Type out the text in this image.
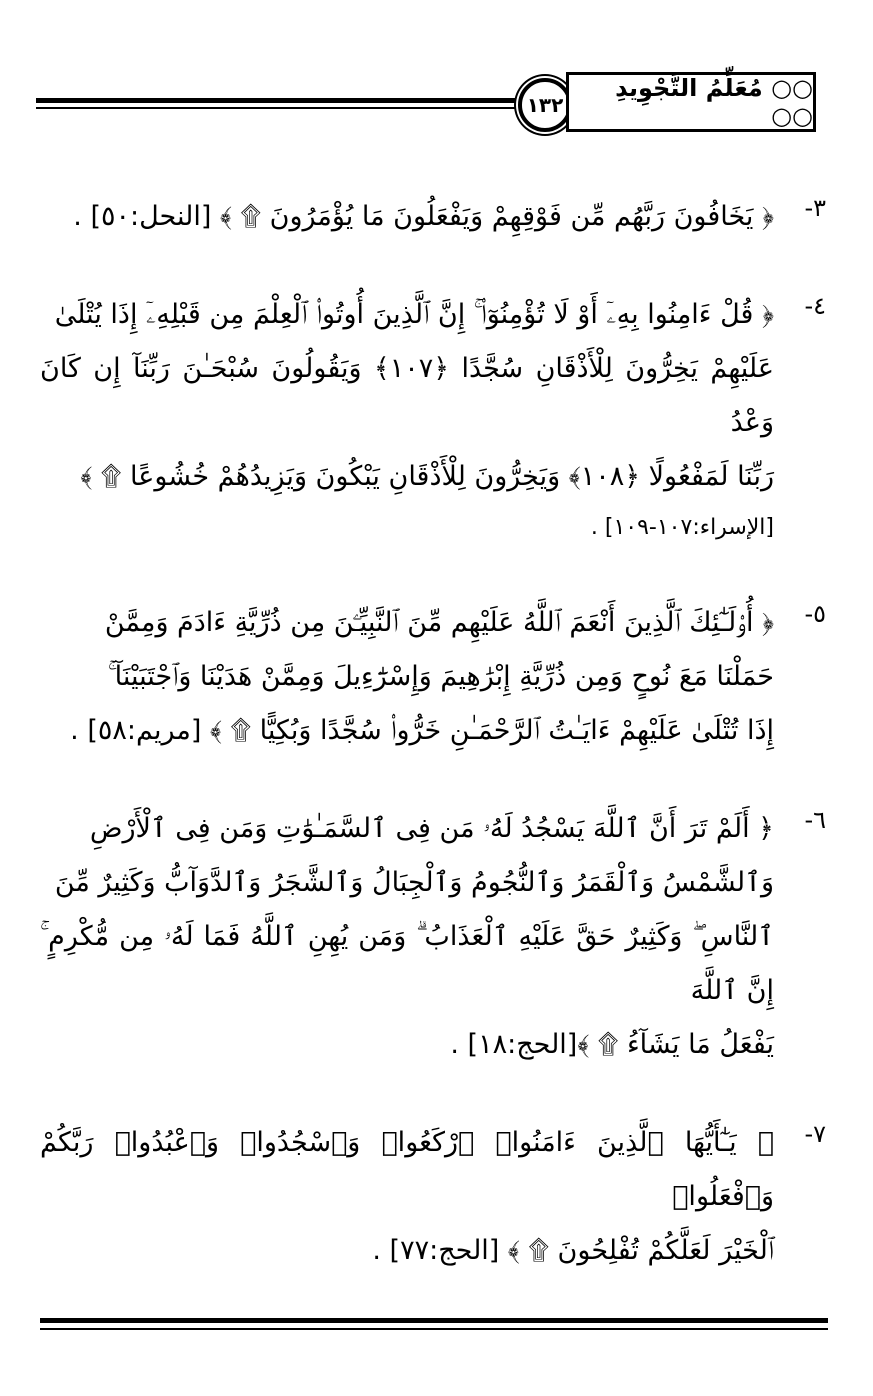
١٣٢
○○ مُعَلِّمُ التَّجْوِيدِ ○○
٣-
﴿ يَخَافُونَ رَبَّهُم مِّن فَوْقِهِمْ وَيَفْعَلُونَ مَا يُؤْمَرُونَ ۩ ﴾ [النحل:٥٠] .
٤-
﴿ قُلْ ءَامِنُوا بِهِۦٓ أَوْ لَا تُؤْمِنُوٓا۟ ۚ إِنَّ ٱلَّذِينَ أُوتُوا۟ ٱلْعِلْمَ مِن قَبْلِهِۦٓ إِذَا يُتْلَىٰ
عَلَيْهِمْ يَخِرُّونَ لِلْأَذْقَانِ سُجَّدًا ﴿١٠٧﴾ وَيَقُولُونَ سُبْحَـٰنَ رَبِّنَآ إِن كَانَ وَعْدُ
رَبِّنَا لَمَفْعُولًا ﴿١٠٨﴾ وَيَخِرُّونَ لِلْأَذْقَانِ يَبْكُونَ وَيَزِيدُهُمْ خُشُوعًا ۩ ﴾
[الإسراء:١٠٧-١٠٩] .
٥-
﴿ أُو۟لَـٰٓئِكَ ٱلَّذِينَ أَنْعَمَ ٱللَّهُ عَلَيْهِم مِّنَ ٱلنَّبِيِّـۧنَ مِن ذُرِّيَّةِ ءَادَمَ وَمِمَّنْ
حَمَلْنَا مَعَ نُوحٍ وَمِن ذُرِّيَّةِ إِبْرَٰهِيمَ وَإِسْرَٰٓءِيلَ وَمِمَّنْ هَدَيْنَا وَٱجْتَبَيْنَآ ۚ
إِذَا تُتْلَىٰ عَلَيْهِمْ ءَايَـٰتُ ٱلرَّحْمَـٰنِ خَرُّوا۟ سُجَّدًا وَبُكِيًّا ۩ ﴾ [مريم:٥٨] .
٦-
﴿ أَلَمْ تَرَ أَنَّ ٱللَّهَ يَسْجُدُ لَهُۥ مَن فِى ٱلسَّمَـٰوَٰتِ وَمَن فِى ٱلْأَرْضِ
وَٱلشَّمْسُ وَٱلْقَمَرُ وَٱلنُّجُومُ وَٱلْجِبَالُ وَٱلشَّجَرُ وَٱلدَّوَآبُّ وَكَثِيرٌ مِّنَ
ٱلنَّاسِ ۖ وَكَثِيرٌ حَقَّ عَلَيْهِ ٱلْعَذَابُ ۗ وَمَن يُهِنِ ٱللَّهُ فَمَا لَهُۥ مِن مُّكْرِمٍ ۚ إِنَّ ٱللَّهَ
يَفْعَلُ مَا يَشَآءُ ۩ ﴾[الحج:١٨] .
٧-
﴿ يَـٰٓأَيُّهَا ٱلَّذِينَ ءَامَنُوا۟ ٱرْكَعُوا۟ وَٱسْجُدُوا۟ وَٱعْبُدُوا۟ رَبَّكُمْ وَٱفْعَلُوا۟
ٱلْخَيْرَ لَعَلَّكُمْ تُفْلِحُونَ ۩ ﴾ [الحج:٧٧] .
